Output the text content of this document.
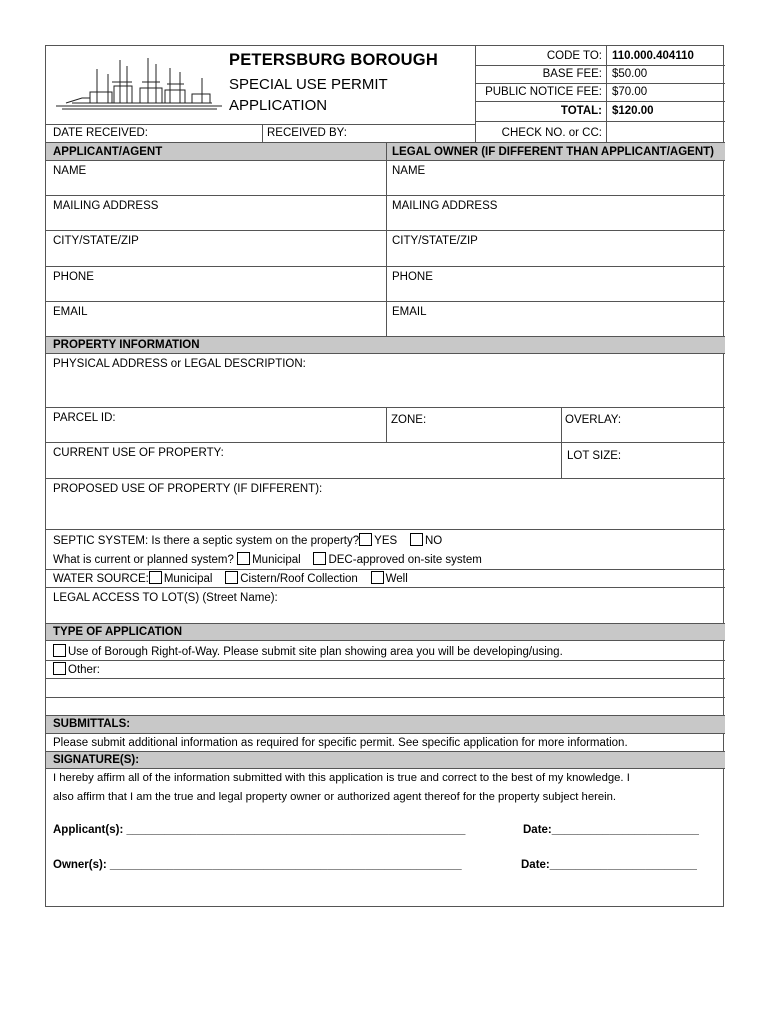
PETERSBURG BOROUGH
SPECIAL USE PERMIT
APPLICATION
CODE TO: 110.000.404110
BASE FEE: $50.00
PUBLIC NOTICE FEE: $70.00
TOTAL: $120.00
DATE RECEIVED:	RECEIVED BY:	CHECK NO. or CC:
APPLICANT/AGENT	LEGAL OWNER (IF DIFFERENT THAN APPLICANT/AGENT)
NAME	NAME
MAILING ADDRESS	MAILING ADDRESS
CITY/STATE/ZIP	CITY/STATE/ZIP
PHONE	PHONE
EMAIL	EMAIL
PROPERTY INFORMATION
PHYSICAL ADDRESS or LEGAL DESCRIPTION:
PARCEL ID:	ZONE:	OVERLAY:
CURRENT USE OF PROPERTY:	LOT SIZE:
PROPOSED USE OF PROPERTY (IF DIFFERENT):
SEPTIC SYSTEM: Is there a septic system on the property? YES NO
What is current or planned system? Municipal DEC-approved on-site system
WATER SOURCE: Municipal Cistern/Roof Collection Well
LEGAL ACCESS TO LOT(S) (Street Name):
TYPE OF APPLICATION
Use of Borough Right-of-Way. Please submit site plan showing area you will be developing/using.
Other:
SUBMITTALS:
Please submit additional information as required for specific permit. See specific application for more information.
SIGNATURE(S):
I hereby affirm all of the information submitted with this application is true and correct to the best of my knowledge. I
also affirm that I am the true and legal property owner or authorized agent thereof for the property subject herein.
Applicant(s): _____________________________________________________	Date:_______________________
Owner(s): _______________________________________________________	Date:_______________________
